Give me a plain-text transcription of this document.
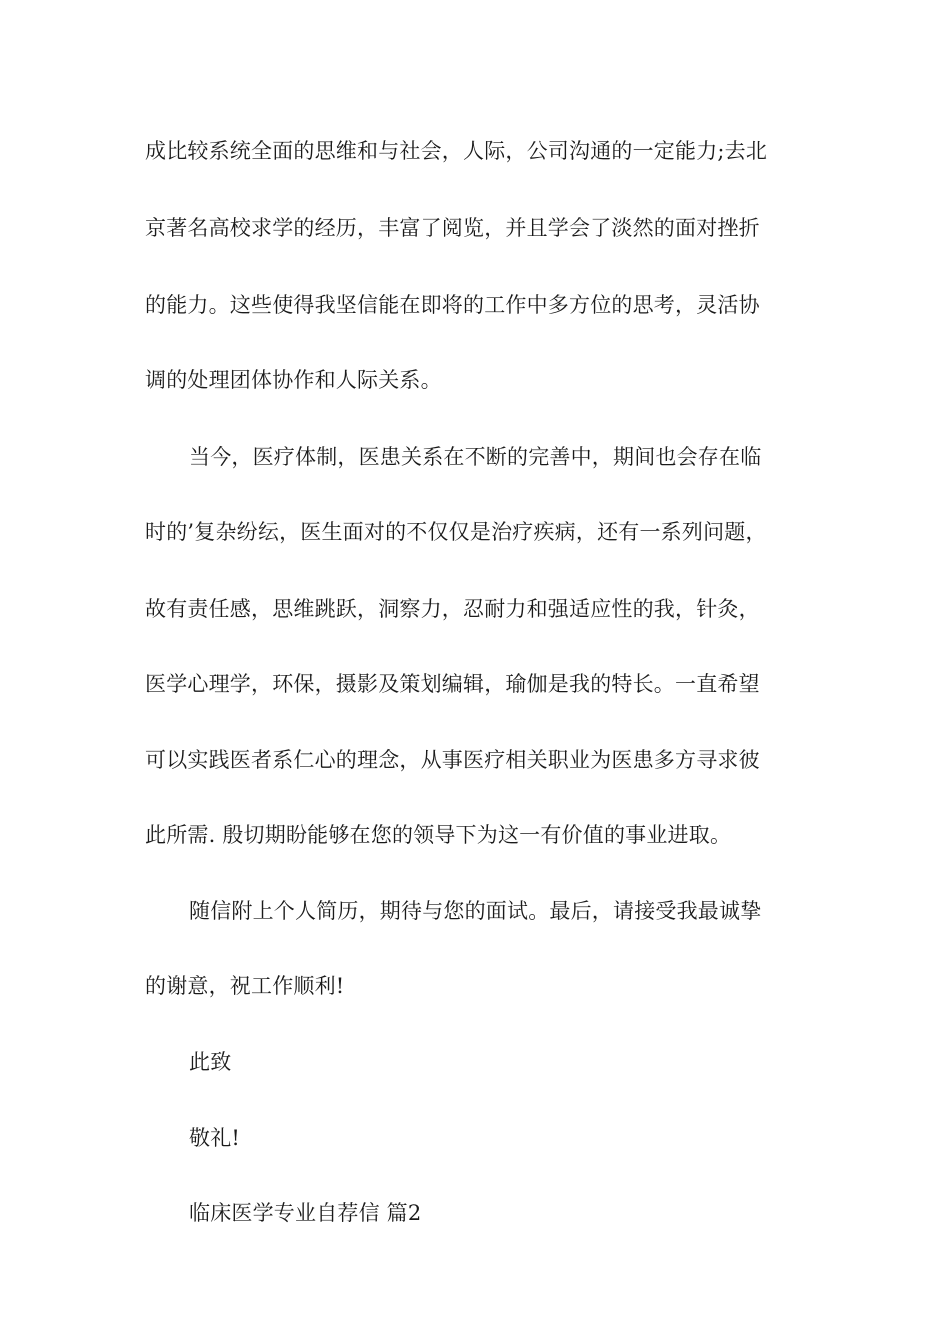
成比较系统全面的思维和与社会，人际，公司沟通的一定能力;去北
京著名高校求学的经历，丰富了阅览，并且学会了淡然的面对挫折
的能力。这些使得我坚信能在即将的工作中多方位的思考，灵活协
调的处理团体协作和人际关系。
当今，医疗体制，医患关系在不断的完善中，期间也会存在临
时的’复杂纷纭，医生面对的不仅仅是治疗疾病，还有一系列问题，
故有责任感，思维跳跃，洞察力，忍耐力和强适应性的我，针灸，
医学心理学，环保，摄影及策划编辑，瑜伽是我的特长。一直希望
可以实践医者系仁心的理念，从事医疗相关职业为医患多方寻求彼
此所需. 殷切期盼能够在您的领导下为这一有价值的事业进取。
随信附上个人简历，期待与您的面试。最后，请接受我最诚挚
的谢意，祝工作顺利!
此致
敬礼!
临床医学专业自荐信 篇2
